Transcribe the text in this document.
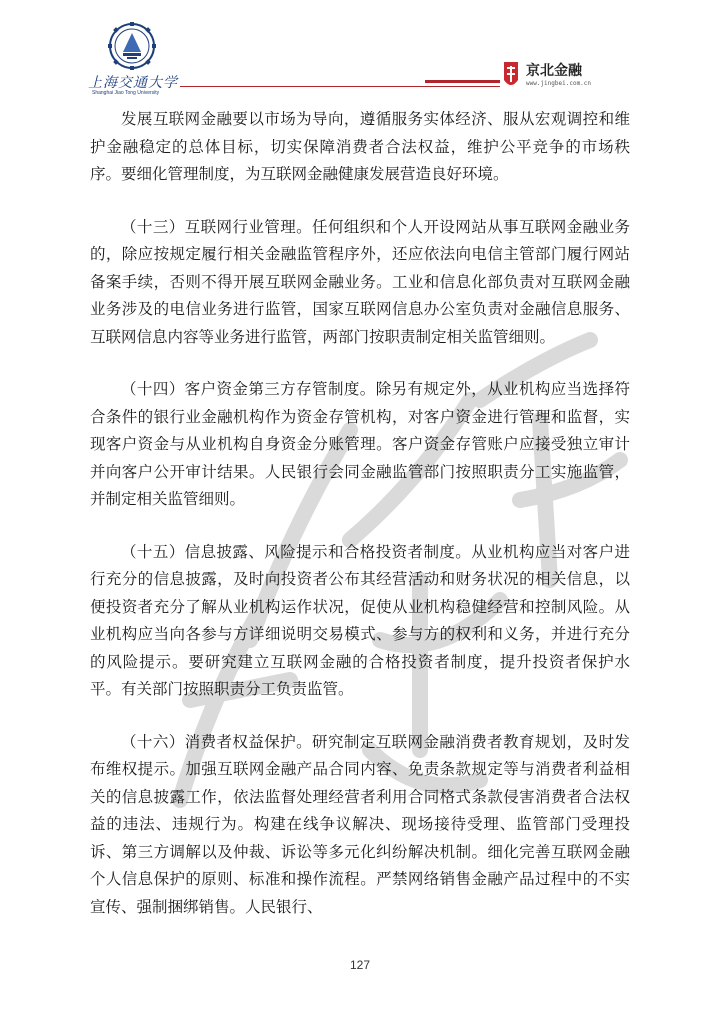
上海交通大学
Shanghai Jiao Tong University
京北金融
www.jingbei.com.cn

发展互联网金融要以市场为导向，遵循服务实体经济、服从宏观调控和维护金融稳定的总体目标，切实保障消费者合法权益，维护公平竞争的市场秩序。要细化管理制度，为互联网金融健康发展营造良好环境。

（十三）互联网行业管理。任何组织和个人开设网站从事互联网金融业务的，除应按规定履行相关金融监管程序外，还应依法向电信主管部门履行网站备案手续，否则不得开展互联网金融业务。工业和信息化部负责对互联网金融业务涉及的电信业务进行监管，国家互联网信息办公室负责对金融信息服务、互联网信息内容等业务进行监管，两部门按职责制定相关监管细则。

（十四）客户资金第三方存管制度。除另有规定外，从业机构应当选择符合条件的银行业金融机构作为资金存管机构，对客户资金进行管理和监督，实现客户资金与从业机构自身资金分账管理。客户资金存管账户应接受独立审计并向客户公开审计结果。人民银行会同金融监管部门按照职责分工实施监管，并制定相关监管细则。

（十五）信息披露、风险提示和合格投资者制度。从业机构应当对客户进行充分的信息披露，及时向投资者公布其经营活动和财务状况的相关信息，以便投资者充分了解从业机构运作状况，促使从业机构稳健经营和控制风险。从业机构应当向各参与方详细说明交易模式、参与方的权利和义务，并进行充分的风险提示。要研究建立互联网金融的合格投资者制度，提升投资者保护水平。有关部门按照职责分工负责监管。

（十六）消费者权益保护。研究制定互联网金融消费者教育规划，及时发布维权提示。加强互联网金融产品合同内容、免责条款规定等与消费者利益相关的信息披露工作，依法监督处理经营者利用合同格式条款侵害消费者合法权益的违法、违规行为。构建在线争议解决、现场接待受理、监管部门受理投诉、第三方调解以及仲裁、诉讼等多元化纠纷解决机制。细化完善互联网金融个人信息保护的原则、标准和操作流程。严禁网络销售金融产品过程中的不实宣传、强制捆绑销售。人民银行、

127
